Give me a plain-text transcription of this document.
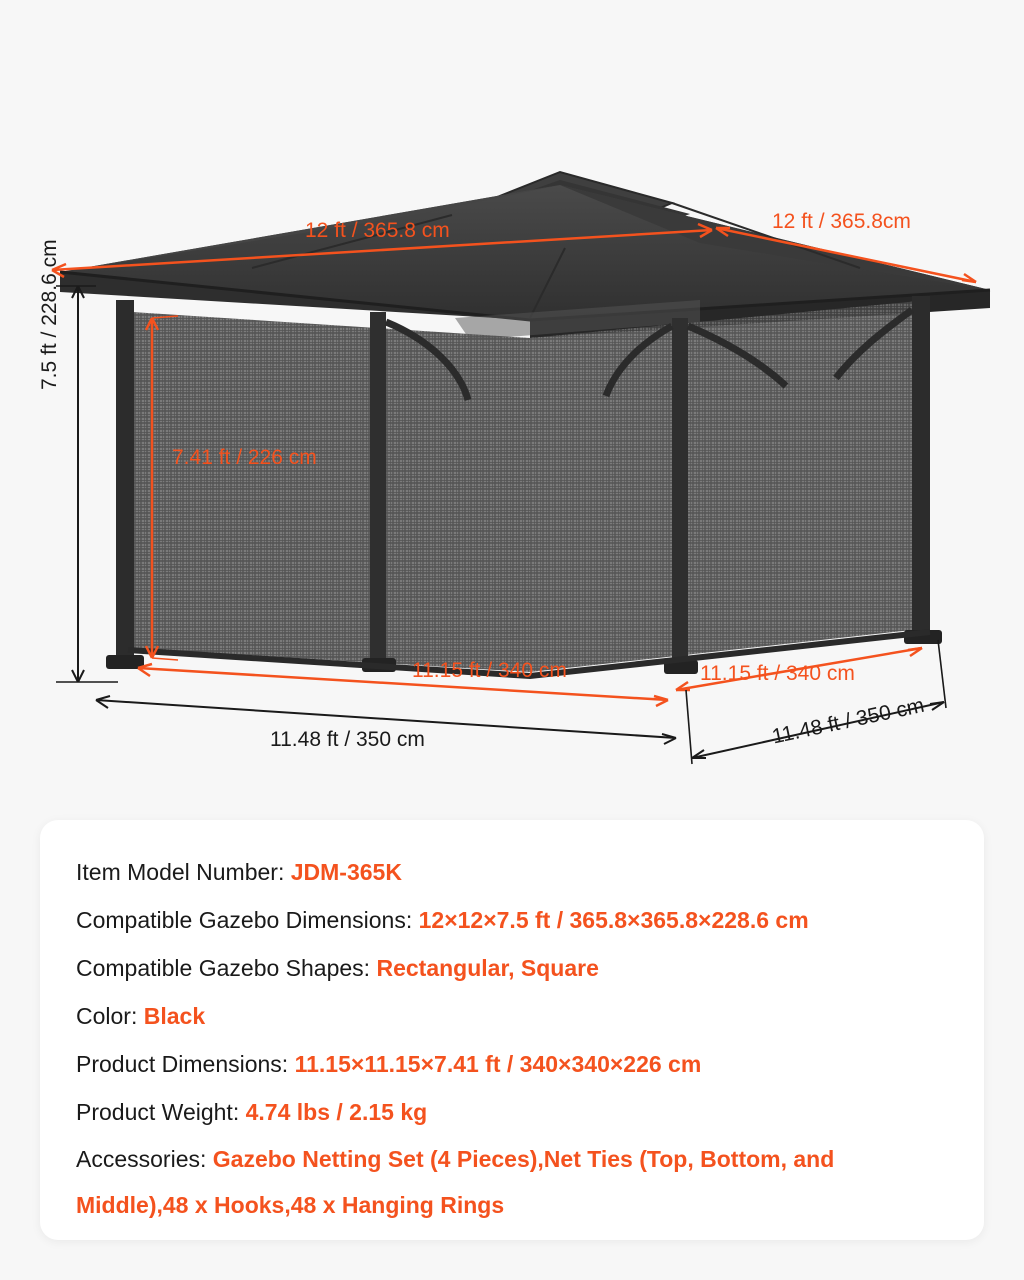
12 ft / 365.8 cm	12 ft / 365.8cm
7.41 ft / 226 cm
11.15 ft / 340 cm	11.15 ft / 340 cm
7.5 ft / 228.6 cm
11.48 ft / 350 cm	11.48 ft / 350 cm
Item Model Number: JDM-365K
Compatible Gazebo Dimensions: 12×12×7.5 ft / 365.8×365.8×228.6 cm
Compatible Gazebo Shapes: Rectangular, Square
Color: Black
Product Dimensions: 11.15×11.15×7.41 ft / 340×340×226 cm
Product Weight: 4.74 lbs / 2.15 kg
Accessories: Gazebo Netting Set (4 Pieces),Net Ties (Top, Bottom, and Middle),48 x Hooks,48 x Hanging Rings
